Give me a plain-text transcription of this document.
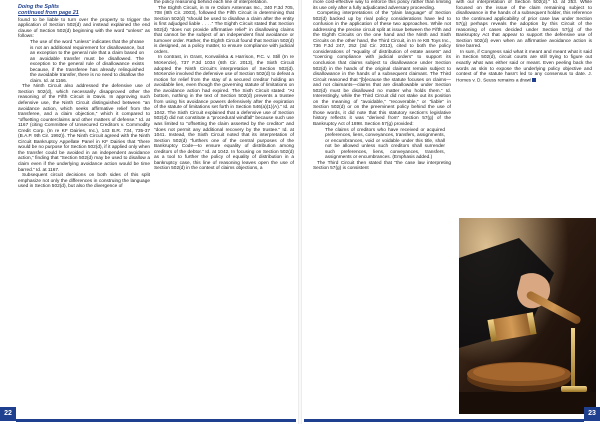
Doing the Splits
continued from page 21

found to be liable to turn over the property to trigger the application of Section 502(d) and instead explained the end clause of Section 502(d) beginning with the word “unless” as follows:

The use of the word “unless” indicates that the phrase is not an additional requirement for disallowance, but an exception to the general rule that a claim based on an avoidable transfer must be disallowed. The exception to the general rule of disallowance exists because, if the transferee has already relinquished the avoidable transfer, there is no need to disallow the claim. Id. at 1166.

The Ninth Circuit also addressed the defensive use of Section 502(d), which necessarily disapproved other the reasoning of the Fifth Circuit in Davis. In approving such defensive use, the Ninth Circuit distinguished between “an avoidance action, which seeks affirmative relief from the transferee, and a claim objection,” which it compared to “offsetting counterclaims and other matters of defense.” Id. at 1167 (citing Committee of Unsecured Creditors v. Commodity Credit Corp. (In re KF Dairies, Inc.), 143 B.R. 734, 735-37 (B.A.P. 9th Cir. 1992)). The Ninth Circuit agreed with the Ninth Circuit Bankruptcy Appellate Panel in KF Dairies that “there would be no purpose for Section 502(d), if it applied only when the transfer could be avoided in an independent avoidance action,” finding that “Section 502(d) may be used to disallow a claim even if the underlying avoidance action would be time barred.” Id. at 1167.

Subsequent circuit decisions on both sides of this split emphasize not only the differences in construing the language used in Section 502(d), but also the divergence of

the policy reasoning behind each line of interpretation.

The Eighth Circuit, in In re Odom Antennas Inc., 340 F.3d 705, 708 (8th Cir. 2003), followed the Fifth Circuit in determining that Section 502(d) “should be used to disallow a claim after the entity is first adjudged liable . . . .” The Eighth Circuit stated that Section 502(d) “does not provide affirmative relief” in disallowing claims that cannot be the subject of an independent final avoidance or turnover order. Rather, the Eighth Circuit found that Section 502(d) is designed, as a policy matter, to ensure compliance with judicial orders.

In contrast, in Grant, Konvalinka & Harrison, P.C. v. Still (In re McKenzie), 737 F.3d 1034 (6th Cir. 2013), the Sixth Circuit adopted the Ninth Circuit’s interpretation of Section 502(d). McKenzie involved the defensive use of Section 502(d) to defeat a motion for relief from the stay of a secured creditor holding an avoidable lien, even though the governing statute of limitations on the avoidance action had expired. The Sixth Circuit stated: “At bottom, nothing in the text of Section 502(d) prevents a trustee from using his avoidance powers defensively after the expiration of the statute of limitations set forth in Section 546(a)(1)(A).” Id. at 1042. The Sixth Circuit explained that a defensive use of Section 502(d) did not constitute a “procedural windfall” because such use was limited to “offsetting the claim asserted by the creditor” and “does not permit any additional recovery by the trustee.” Id. at 1041. Instead, the Sixth Circuit noted that its interpretation of Section 502(d) “furthers one of the central purposes of the Bankruptcy Code—to ensure equality of distribution among creditors of the debtor.” Id. at 1042. In focusing on Section 502(d) as a tool to further the policy of equality of distribution in a bankruptcy case, this line of reasoning leaves open the use of Section 502(d) in the context of claims objections, a

22

more cost-effective way to enforce this policy rather than limiting its use only after a fully adjudicated adversary proceeding.

Competing interpretations of the “plain language” of Section 502(d) backed up by rival policy considerations have led to confusion in the application of these two approaches. While not addressing the precise circuit split at issue between the Fifth and the Eighth Circuits on the one hand and the Ninth and Sixth Circuits on the other hand, the Third Circuit, in In re KB Toys Inc., 736 F.3d 247, 252 (3d Cir. 2013), cited to both the policy considerations of “equality of distribution of estate assets” and “coercing compliance with judicial orders” to support its conclusion that claims subject to disallowance under Section 502(d) in the hands of the original claimant remain subject to disallowance in the hands of a subsequent claimant. The Third Circuit reasoned that “[b]ecause the statute focuses on claims—and not claimants—claims that are disallowable under Section 502(d) must be disallowed no matter who holds them.” Id. Interestingly, while the Third Circuit did not stake out its position on the meaning of “avoidable,” “recoverable,” or “liable” in Section 502(d) or on the preeminent policy behind the use of those words, it did note that this statutory section’s legislative history reflects it was “derived from” Section 57(g) of the Bankruptcy Act of 1898. Section 57(g) provided:

The claims of creditors who have received or acquired preferences, liens, conveyances, transfers, assignments, or encumbrances, void or voidable under this title, shall not be allowed unless such creditors shall surrender such preferences, liens, conveyances, transfers, assignments or encumbrances. (Emphasis added.)

The Third Circuit then stated that “the case law interpreting Section 57(g) is consistent

with our interpretation of Section 502(d).” Id. at 253. While focused on the issue of the claim remaining subject to disallowance in the hands of a subsequent holder, this reference to the continued applicability of prior case law under Section 57(g) perhaps reveals the adoption by this Circuit of the reasoning of cases decided under Section 57(g) of the Bankruptcy Act that appear to support the defensive use of Section 502(d) even when an affirmative avoidance action is time barred.

In sum, if Congress said what it meant and meant what it said in Section 502(d), circuit courts are still trying to figure out exactly what was either said or meant. Even peeling back the words as skin to expose the underlying policy objective and context of the statute hasn’t led to any consensus to date. J. Homes v. D. Seuss remains a draw!

23
